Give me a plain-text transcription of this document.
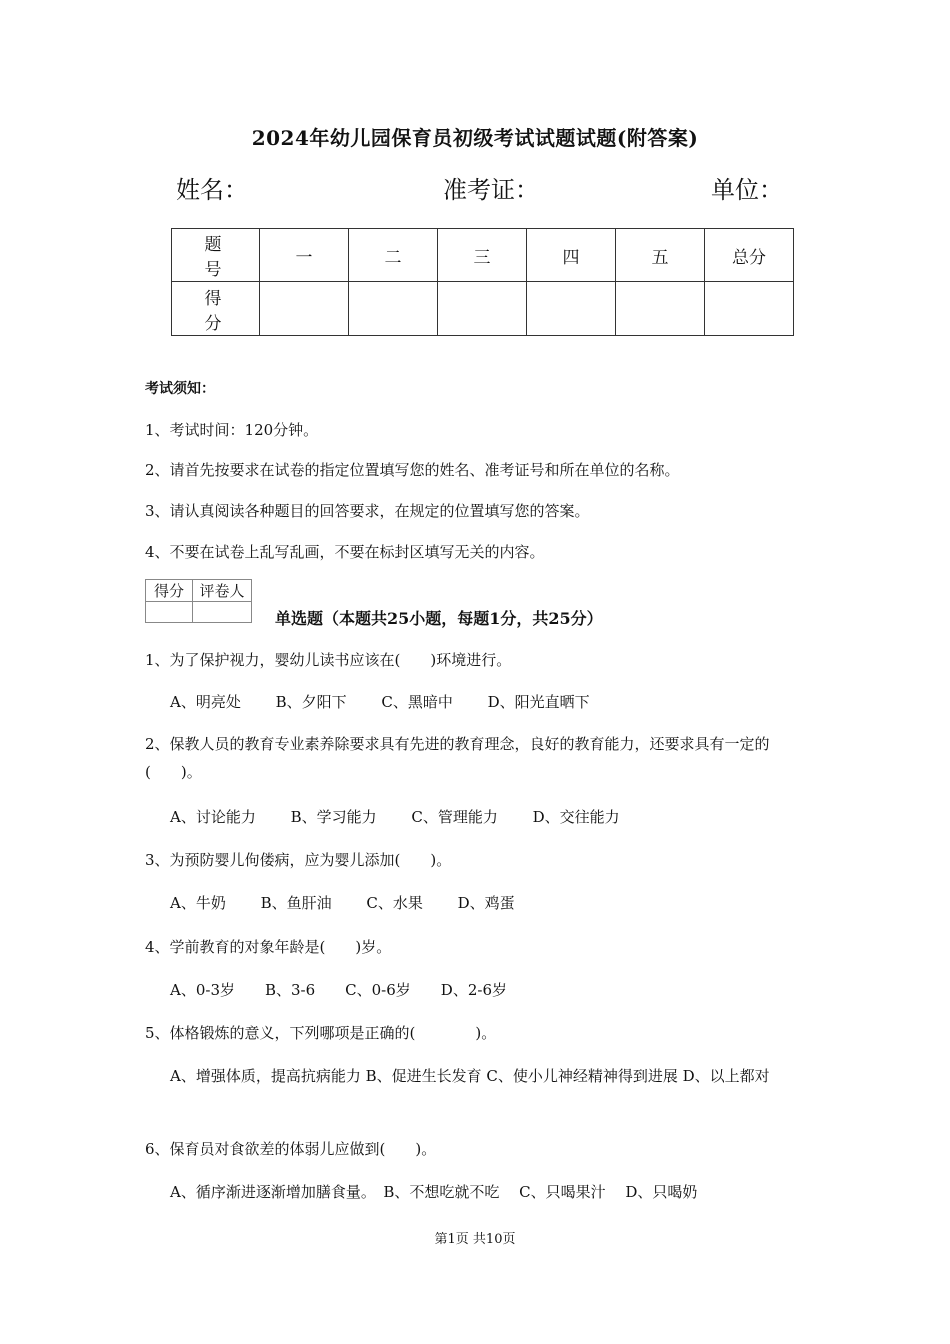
2024年幼儿园保育员初级考试试题试题(附答案)
姓名：	准考证：	单位：
题　号	一	二	三	四	五	总分
得　分						
考试须知：
1、考试时间：120分钟。
2、请首先按要求在试卷的指定位置填写您的姓名、准考证号和所在单位的名称。
3、请认真阅读各种题目的回答要求，在规定的位置填写您的答案。
4、不要在试卷上乱写乱画，不要在标封区填写无关的内容。
得分	评卷人

单选题（本题共25小题，每题1分，共25分）
1、为了保护视力，婴幼儿读书应该在(　　)环境进行。
A、明亮处　　 B、夕阳下　　 C、黑暗中　　 D、阳光直晒下
2、保教人员的教育专业素养除要求具有先进的教育理念，良好的教育能力，还要求具有一定的(　　)。
A、讨论能力　　 B、学习能力　　 C、管理能力　　 D、交往能力
3、为预防婴儿佝偻病，应为婴儿添加(　　)。
A、牛奶　　 B、鱼肝油　　 C、水果　　 D、鸡蛋
4、学前教育的对象年龄是(　　)岁。
A、0-3岁　　B、3-6　　C、0-6岁　　D、2-6岁
5、体格锻炼的意义，下列哪项是正确的(　　　　)。
A、增强体质，提高抗病能力 B、促进生长发育 C、使小儿神经精神得到进展 D、以上都对
6、保育员对食欲差的体弱儿应做到(　　)。
A、循序渐进逐渐增加膳食量。　B、不想吃就不吃　 C、只喝果汁　 D、只喝奶
第1页 共10页
